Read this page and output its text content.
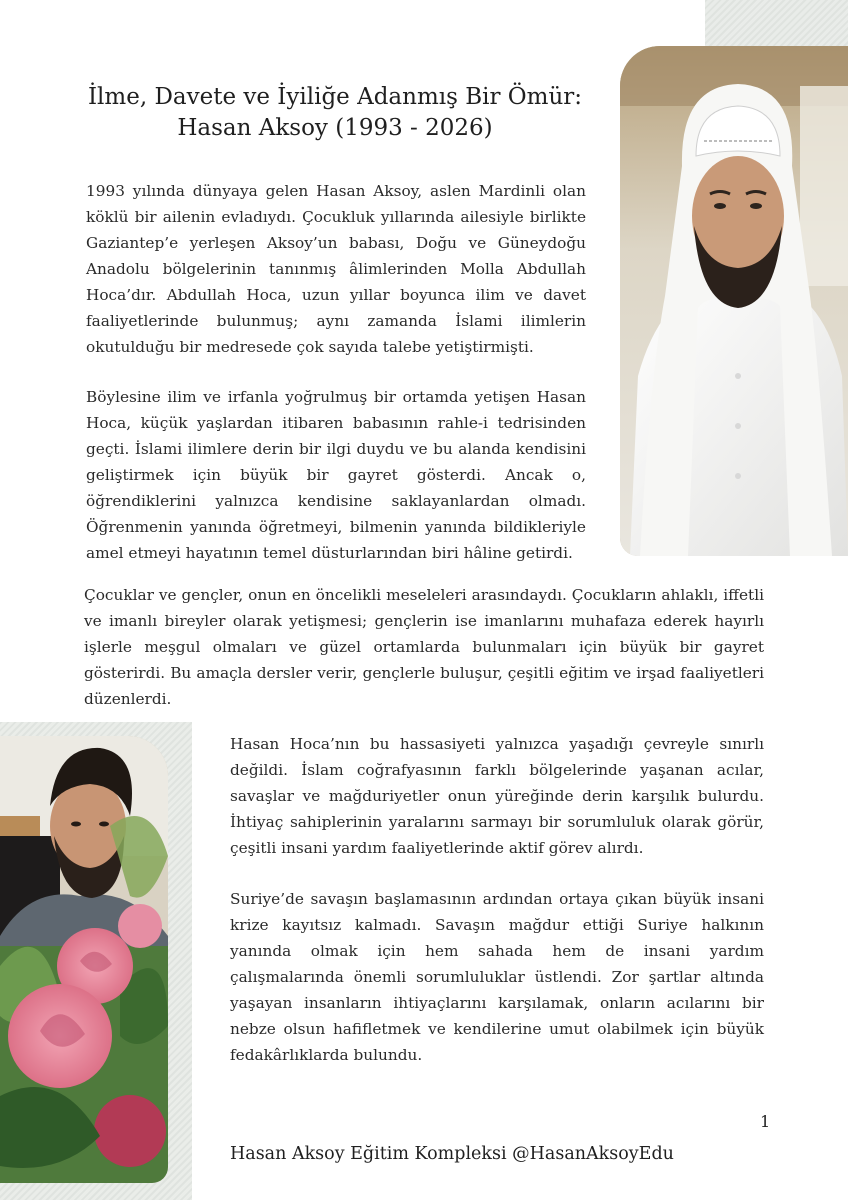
İlme, Davete ve İyiliğe Adanmış Bir Ömür:
Hasan Aksoy (1993 - 2026)

1993 yılında dünyaya gelen Hasan Aksoy, aslen Mardinli olan köklü bir ailenin evladıydı. Çocukluk yıllarında ailesiyle birlikte Gaziantep’e yerleşen Aksoy’un babası, Doğu ve Güneydoğu Anadolu bölgelerinin tanınmış âlimlerinden Molla Abdullah Hoca’dır. Abdullah Hoca, uzun yıllar boyunca ilim ve davet faaliyetlerinde bulunmuş; aynı zamanda İslami ilimlerin okutulduğu bir medresede çok sayıda talebe yetiştirmişti.

Böylesine ilim ve irfanla yoğrulmuş bir ortamda yetişen Hasan Hoca, küçük yaşlardan itibaren babasının rahle-i tedrisinden geçti. İslami ilimlere derin bir ilgi duydu ve bu alanda kendisini geliştirmek için büyük bir gayret gösterdi. Ancak o, öğrendiklerini yalnızca kendisine saklayanlardan olmadı. Öğrenmenin yanında öğretmeyi, bilmenin yanında bildikleriyle amel etmeyi hayatının temel düsturlarından biri hâline getirdi.

Çocuklar ve gençler, onun en öncelikli meseleleri arasındaydı. Çocukların ahlaklı, iffetli ve imanlı bireyler olarak yetişmesi; gençlerin ise imanlarını muhafaza ederek hayırlı işlerle meşgul olmaları ve güzel ortamlarda bulunmaları için büyük bir gayret gösterirdi. Bu amaçla dersler verir, gençlerle buluşur, çeşitli eğitim ve irşad faaliyetleri düzenlerdi.

Hasan Hoca’nın bu hassasiyeti yalnızca yaşadığı çevreyle sınırlı değildi. İslam coğrafyasının farklı bölgelerinde yaşanan acılar, savaşlar ve mağduriyetler onun yüreğinde derin karşılık bulurdu. İhtiyaç sahiplerinin yaralarını sarmayı bir sorumluluk olarak görür, çeşitli insani yardım faaliyetlerinde aktif görev alırdı.

Suriye’de savaşın başlamasının ardından ortaya çıkan büyük insani krize kayıtsız kalmadı. Savaşın mağdur ettiği Suriye halkının yanında olmak için hem sahada hem de insani yardım çalışmalarında önemli sorumluluklar üstlendi. Zor şartlar altında yaşayan insanların ihtiyaçlarını karşılamak, onların acılarını bir nebze olsun hafifletmek ve kendilerine umut olabilmek için büyük fedakârlıklarda bulundu.

Hasan Aksoy Eğitim Kompleksi @HasanAksoyEdu
1
